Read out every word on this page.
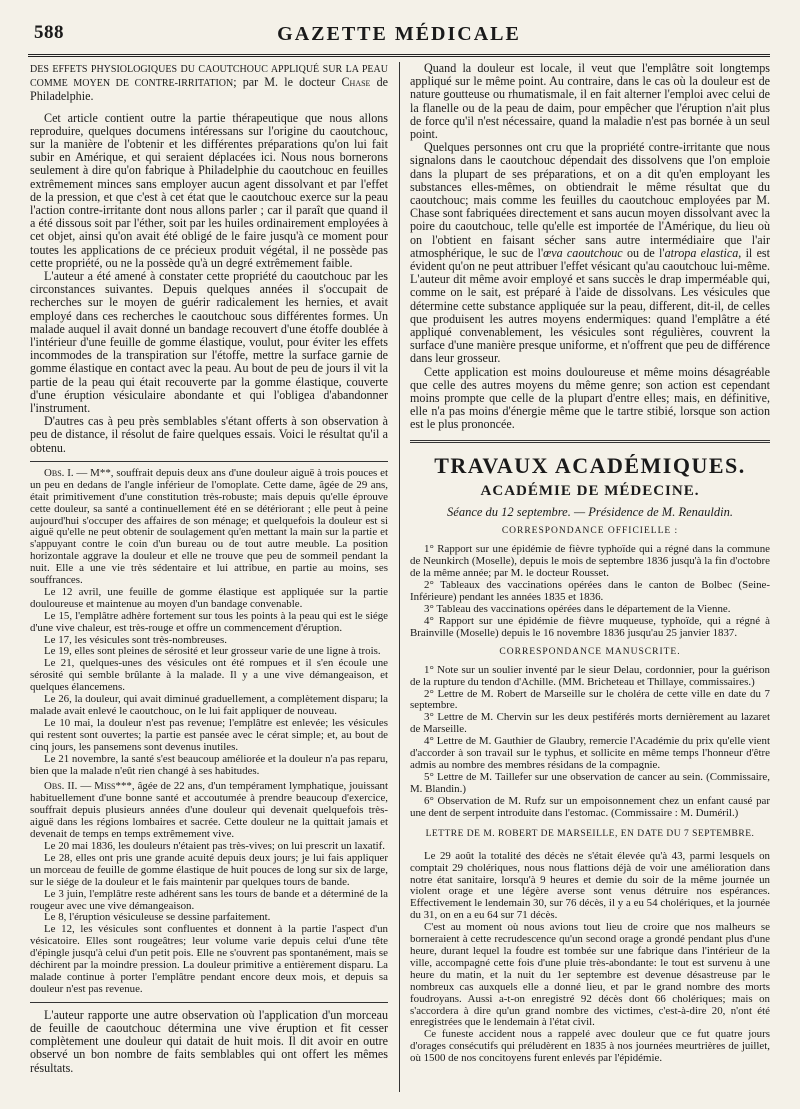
588	GAZETTE MÉDICALE

DES EFFETS PHYSIOLOGIQUES DU CAOUTCHOUC APPLIQUÉ SUR LA PEAU COMME MOYEN DE CONTRE-IRRITATION; par M. le docteur Chase de Philadelphie.

Cet article contient outre la partie thérapeutique que nous allons reproduire, quelques documens intéressans sur l'origine du caoutchouc, sur la manière de l'obtenir et les différentes préparations qu'on lui fait subir en Amérique, et qui seraient déplacées ici. Nous nous bornerons seulement à dire qu'on fabrique à Philadelphie du caoutchouc en feuilles extrêmement minces sans employer aucun agent dissolvant et par l'effet de la pression, et que c'est à cet état que le caoutchouc exerce sur la peau l'action contre-irritante dont nous allons parler ; car il paraît que quand il a été dissous soit par l'éther, soit par les huiles ordinairement employées à cet objet, ainsi qu'on avait été obligé de le faire jusqu'à ce moment pour toutes les applications de ce précieux produit végétal, il ne possède pas cette propriété, ou ne la possède qu'à un degré extrêmement faible.

L'auteur a été amené à constater cette propriété du caoutchouc par les circonstances suivantes. Depuis quelques années il s'occupait de recherches sur le moyen de guérir radicalement les hernies, et avait employé dans ces recherches le caoutchouc sous différentes formes. Un malade auquel il avait donné un bandage recouvert d'une étoffe doublée à l'intérieur d'une feuille de gomme élastique, voulut, pour éviter les effets incommodes de la transpiration sur l'étoffe, mettre la surface garnie de gomme élastique en contact avec la peau. Au bout de peu de jours il vit la partie de la peau qui était recouverte par la gomme élastique, couverte d'une éruption vésiculaire abondante et qui l'obligea d'abandonner l'instrument.

D'autres cas à peu près semblables s'étant offerts à son observation à peu de distance, il résolut de faire quelques essais. Voici le résultat qu'il a obtenu.

Obs. I. — M**, souffrait depuis deux ans d'une douleur aiguë à trois pouces et un peu en dedans de l'angle inférieur de l'omoplate. Cette dame, âgée de 29 ans, était primitivement d'une constitution très-robuste; mais depuis qu'elle éprouve cette douleur, sa santé a continuellement été en se détériorant ; elle peut à peine aujourd'hui s'occuper des affaires de son ménage; et quelquefois la douleur est si aiguë qu'elle ne peut obtenir de soulagement qu'en mettant la main sur la partie et s'appuyant contre le coin d'un bureau ou de tout autre meuble. La position horizontale aggrave la douleur et elle ne trouve que peu de sommeil pendant la nuit. Elle a une vie très sédentaire et lui attribue, en partie au moins, ses souffrances.

Le 12 avril, une feuille de gomme élastique est appliquée sur la partie douloureuse et maintenue au moyen d'un bandage convenable.

Le 15, l'emplâtre adhère fortement sur tous les points à la peau qui est le siége d'une vive chaleur, est très-rouge et offre un commencement d'éruption.

Le 17, les vésicules sont très-nombreuses.

Le 19, elles sont pleines de sérosité et leur grosseur varie de une ligne à trois.

Le 21, quelques-unes des vésicules ont été rompues et il s'en écoule une sérosité qui semble brûlante à la malade. Il y a une vive démangeaison, et quelques élancemens.

Le 26, la douleur, qui avait diminué graduellement, a complètement disparu; la malade avait enlevé le caoutchouc, on le lui fait appliquer de nouveau.

Le 10 mai, la douleur n'est pas revenue; l'emplâtre est enlevée; les vésicules qui restent sont ouvertes; la partie est pansée avec le cérat simple; et, au bout de cinq jours, les pansemens sont devenus inutiles.

Le 21 novembre, la santé s'est beaucoup améliorée et la douleur n'a pas reparu, bien que la malade n'eût rien changé à ses habitudes.

Obs. II. — Miss***, âgée de 22 ans, d'un tempérament lymphatique, jouissant habituellement d'une bonne santé et accoutumée à prendre beaucoup d'exercice, souffrait depuis plusieurs années d'une douleur qui devenait quelquefois très-aiguë dans les régions lombaires et sacrée. Cette douleur ne la quittait jamais et devenait de temps en temps extrêmement vive.

Le 20 mai 1836, les douleurs n'étaient pas très-vives; on lui prescrit un laxatif.

Le 28, elles ont pris une grande acuité depuis deux jours; je lui fais appliquer un morceau de feuille de gomme élastique de huit pouces de long sur six de large, sur le siége de la douleur et le fais maintenir par quelques tours de bande.

Le 3 juin, l'emplâtre reste adhérent sans les tours de bande et a déterminé de la rougeur avec une vive démangeaison.

Le 8, l'éruption vésiculeuse se dessine parfaitement.

Le 12, les vésicules sont confluentes et donnent à la partie l'aspect d'un vésicatoire. Elles sont rougeâtres; leur volume varie depuis celui d'une tête d'épingle jusqu'à celui d'un petit pois. Elle ne s'ouvrent pas spontanément, mais se déchirent par la moindre pression. La douleur primitive a entièrement disparu. La malade continue à porter l'emplâtre pendant encore deux mois, et depuis sa douleur n'est pas revenue.

L'auteur rapporte une autre observation où l'application d'un morceau de feuille de caoutchouc détermina une vive éruption et fit cesser complètement une douleur qui datait de huit mois. Il dit avoir en outre observé un bon nombre de faits semblables qui ont offert les mêmes résultats.

Quand la douleur est locale, il veut que l'emplâtre soit longtemps appliqué sur le même point. Au contraire, dans le cas où la douleur est de nature goutteuse ou rhumatismale, il en fait alterner l'emploi avec celui de la flanelle ou de la peau de daim, pour empêcher que l'éruption n'ait plus de force qu'il n'est nécessaire, quand la maladie n'est pas bornée à un seul point.

Quelques personnes ont cru que la propriété contre-irritante que nous signalons dans le caoutchouc dépendait des dissolvens que l'on emploie dans la plupart de ses préparations, et on a dit qu'en employant les substances elles-mêmes, on obtiendrait le même résultat que du caoutchouc; mais comme les feuilles du caoutchouc employées par M. Chase sont fabriquées directement et sans aucun moyen dissolvant avec la poire du caoutchouc, telle qu'elle est importée de l'Amérique, du lieu où on l'obtient en faisant sécher sans autre intermédiaire que l'air atmosphérique, le suc de l'œva caoutchouc ou de l'atropa elastica, il est évident qu'on ne peut attribuer l'effet vésicant qu'au caoutchouc lui-même. L'auteur dit même avoir employé et sans succès le drap imperméable qui, comme on le sait, est préparé à l'aide de dissolvans. Les vésicules que détermine cette substance appliquée sur la peau, different, dit-il, de celles que produisent les autres moyens endermiques: quand l'emplâtre a été appliqué convenablement, les vésicules sont régulières, couvrent la surface d'une manière presque uniforme, et n'offrent que peu de différence dans leur grosseur.

Cette application est moins douloureuse et même moins désagréable que celle des autres moyens du même genre; son action est cependant moins prompte que celle de la plupart d'entre elles; mais, en définitive, elle n'a pas moins d'énergie même que le tartre stibié, lorsque son action est le plus prononcée.

TRAVAUX ACADÉMIQUES.
ACADÉMIE DE MÉDECINE.
Séance du 12 septembre. — Présidence de M. Renauldin.
CORRESPONDANCE OFFICIELLE :

1° Rapport sur une épidémie de fièvre typhoïde qui a régné dans la commune de Neunkirch (Moselle), depuis le mois de septembre 1836 jusqu'à la fin d'octobre de la même année; par M. le docteur Rousset.

2° Tableaux des vaccinations opérées dans le canton de Bolbec (Seine-Inférieure) pendant les années 1835 et 1836.

3° Tableau des vaccinations opérées dans le département de la Vienne.

4° Rapport sur une épidémie de fièvre muqueuse, typhoïde, qui a régné à Brainville (Moselle) depuis le 16 novembre 1836 jusqu'au 25 janvier 1837.

CORRESPONDANCE MANUSCRITE.

1° Note sur un soulier inventé par le sieur Delau, cordonnier, pour la guérison de la rupture du tendon d'Achille. (MM. Bricheteau et Thillaye, commissaires.)

2° Lettre de M. Robert de Marseille sur le choléra de cette ville en date du 7 septembre.

3° Lettre de M. Chervin sur les deux pestiférés morts dernièrement au lazaret de Marseille.

4° Lettre de M. Gauthier de Glaubry, remercie l'Académie du prix qu'elle vient d'accorder à son travail sur le typhus, et sollicite en même temps l'honneur d'être admis au nombre des membres résidans de la compagnie.

5° Lettre de M. Taillefer sur une observation de cancer au sein. (Commissaire, M. Blandin.)

6° Observation de M. Rufz sur un empoisonnement chez un enfant causé par une dent de serpent introduite dans l'estomac. (Commissaire : M. Duméril.)

LETTRE DE M. ROBERT DE MARSEILLE, EN DATE DU 7 SEPTEMBRE.

Le 29 août la totalité des décès ne s'était élevée qu'à 43, parmi lesquels on comptait 29 cholériques, nous nous flattions déjà de voir une amélioration dans notre état sanitaire, lorsqu'à 9 heures et demie du soir de la même journée un violent orage et une légère averse sont venus détruire nos espérances. Effectivement le lendemain 30, sur 76 décès, il y a eu 54 cholériques, et la journée du 31, on en a eu 64 sur 71 décès.

C'est au moment où nous avions tout lieu de croire que nos malheurs se borneraient à cette recrudescence qu'un second orage a grondé pendant plus d'une heure, durant lequel la foudre est tombée sur une fabrique dans l'intérieur de la ville, accompagné cette fois d'une pluie très-abondante: le tout est survenu à une heure du matin, et la nuit du 1er septembre est devenue désastreuse par le nombreux cas auxquels elle a donné lieu, et par le grand nombre des morts foudroyans. Aussi a-t-on enregistré 92 décès dont 66 cholériques; mais on s'accordera à dire qu'un grand nombre des victimes, c'est-à-dire 20, n'ont été enregistrées que le lendemain à l'état civil.

Ce funeste accident nous a rappelé avec douleur que ce fut quatre jours d'orages consécutifs qui préludèrent en 1835 à nos journées meurtrières de juillet, où 1500 de nos concitoyens furent enlevés par l'épidémie.
